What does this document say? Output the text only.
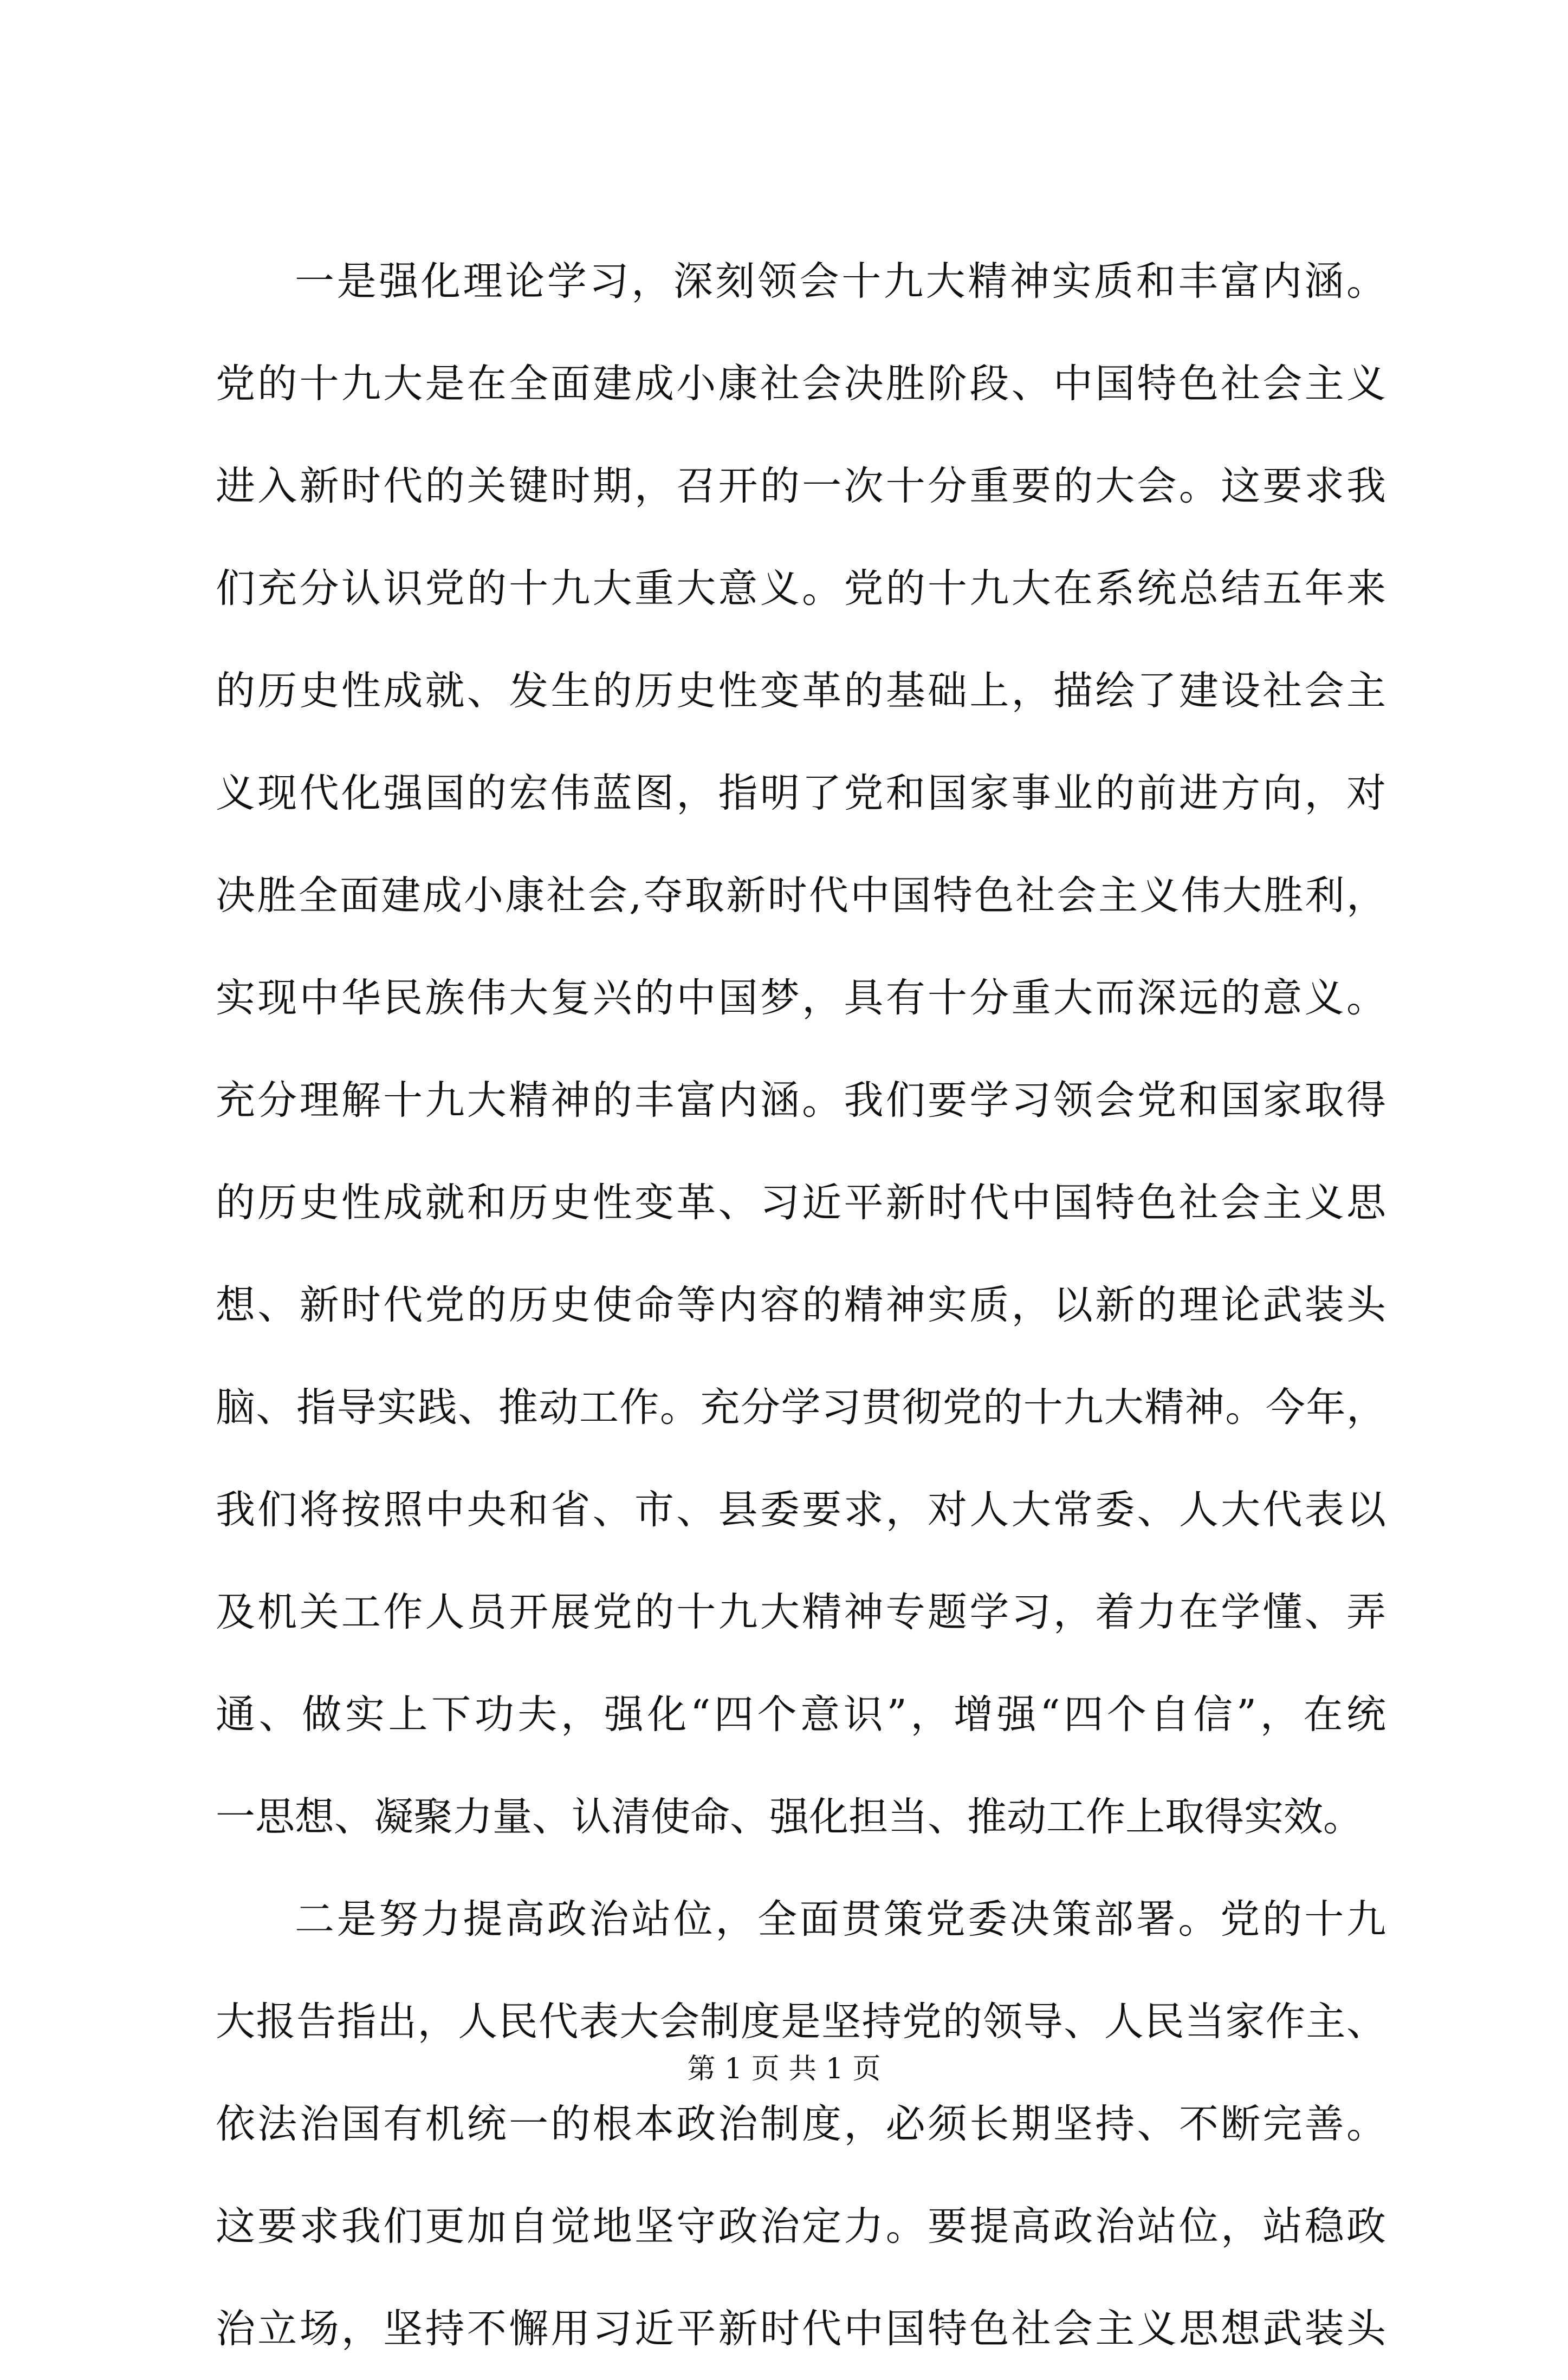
一是强化理论学习，深刻领会十九大精神实质和丰富内涵。
党的十九大是在全面建成小康社会决胜阶段、中国特色社会主义
进入新时代的关键时期，召开的一次十分重要的大会。这要求我
们充分认识党的十九大重大意义。党的十九大在系统总结五年来
的历史性成就、发生的历史性变革的基础上，描绘了建设社会主
义现代化强国的宏伟蓝图，指明了党和国家事业的前进方向，对
决胜全面建成小康社会,夺取新时代中国特色社会主义伟大胜利，
实现中华民族伟大复兴的中国梦，具有十分重大而深远的意义。
充分理解十九大精神的丰富内涵。我们要学习领会党和国家取得
的历史性成就和历史性变革、习近平新时代中国特色社会主义思
想、新时代党的历史使命等内容的精神实质，以新的理论武装头
脑、指导实践、推动工作。充分学习贯彻党的十九大精神。今年，
我们将按照中央和省、市、县委要求，对人大常委、人大代表以
及机关工作人员开展党的十九大精神专题学习，着力在学懂、弄
通、做实上下功夫，强化“四个意识”，增强“四个自信”，在统
一思想、凝聚力量、认清使命、强化担当、推动工作上取得实效。
二是努力提高政治站位，全面贯策党委决策部署。党的十九
大报告指出，人民代表大会制度是坚持党的领导、人民当家作主、
依法治国有机统一的根本政治制度，必须长期坚持、不断完善。
这要求我们更加自觉地坚守政治定力。要提高政治站位，站稳政
治立场，坚持不懈用习近平新时代中国特色社会主义思想武装头
第 1 页 共 1 页
